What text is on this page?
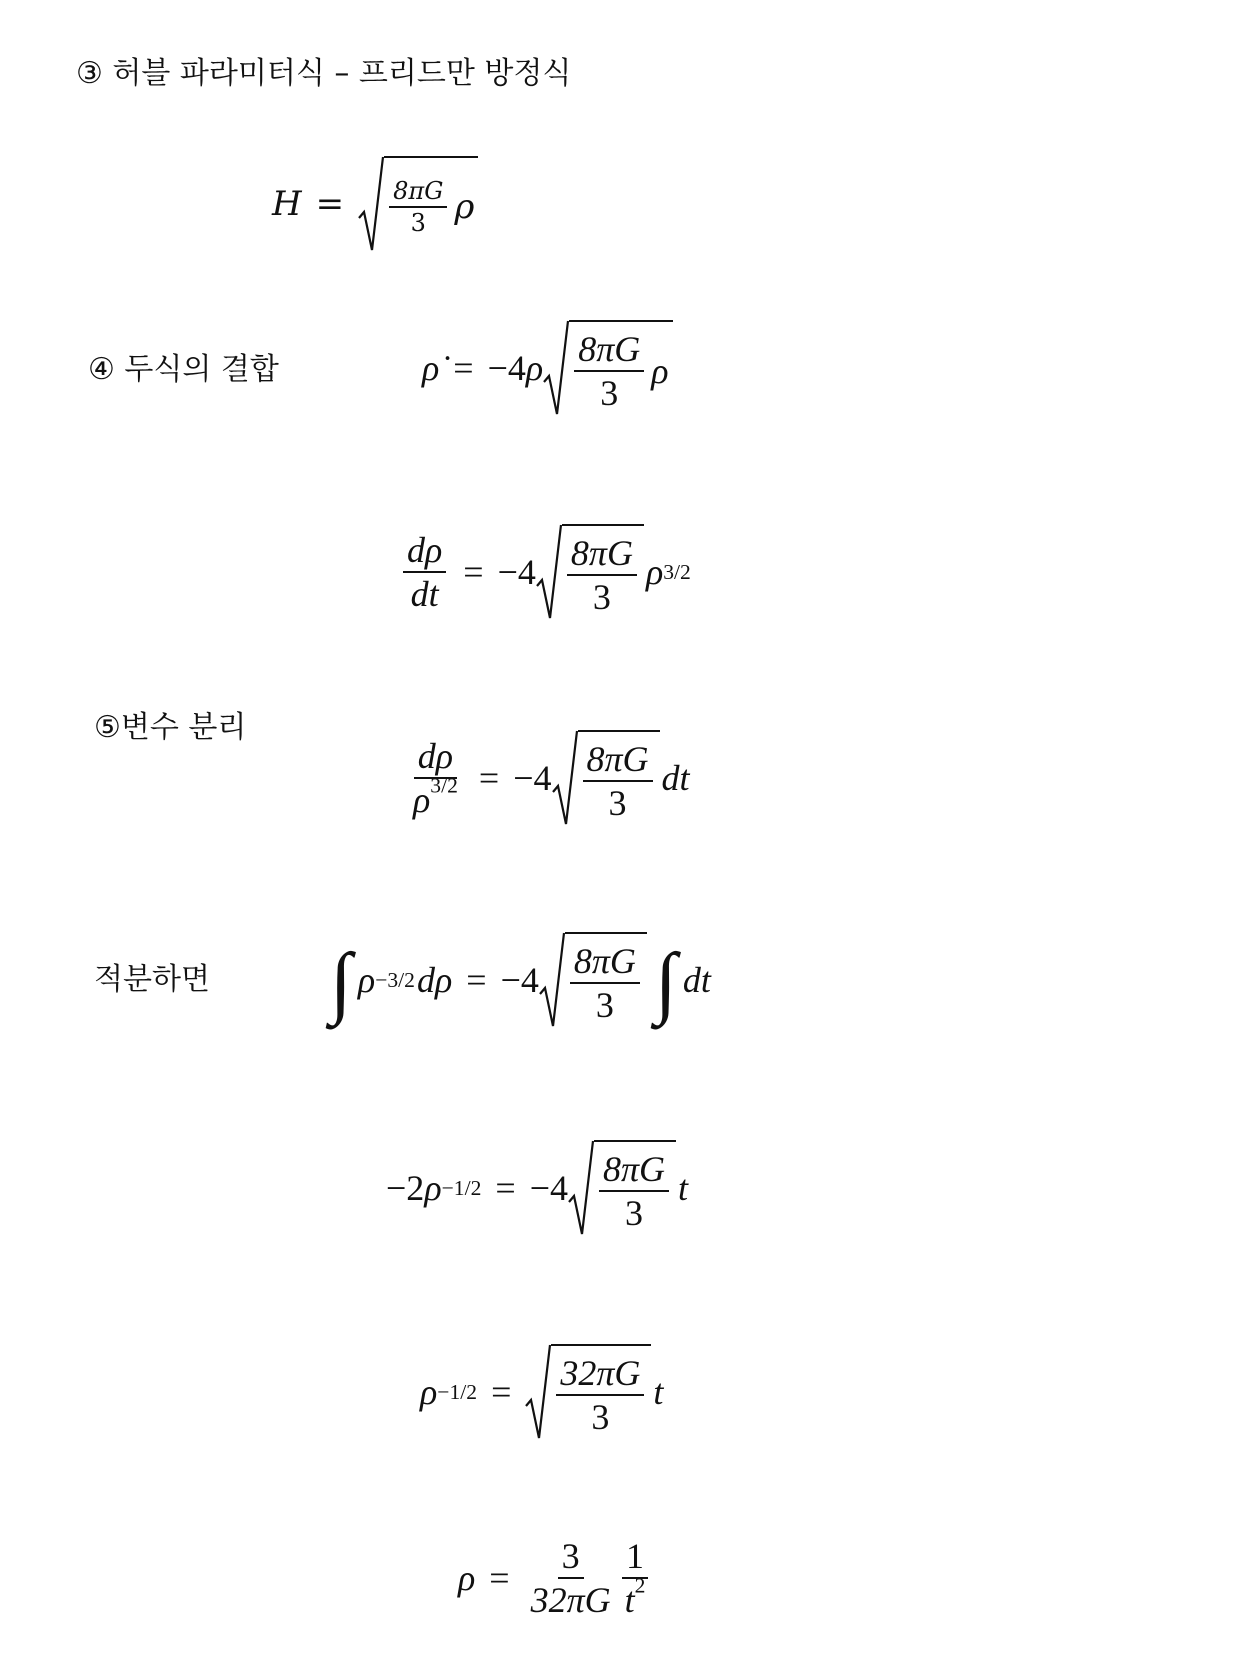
③ 허블 파라미터식 – 프리드만 방정식
④ 두식의 결합
⑤변수 분리
적분하면
$H = \frac{8\pi G}{3}$ ρ
ρ̇ = −4 ρ $\frac{8\pi G}{3}$ ρ
$\frac{d\rho}{dt} = -4 \frac{8\pi G}{3}$ ρ 3/2
$\frac{d\rho}{\rho^{3/2}} = -4 \frac{8\pi G}{3}$ dt
∫ ρ −3/2 $d\rho = -4 \frac{8\pi G}{3}$ ∫ dt
−2 $\rho -1/2 = -4 \frac{8\pi G}{3}$ t
$\rho -1/2 = \frac{32\pi G}{3}$ t
$\rho = \frac{3}{32\pi G} \frac{1}{t^2}$
